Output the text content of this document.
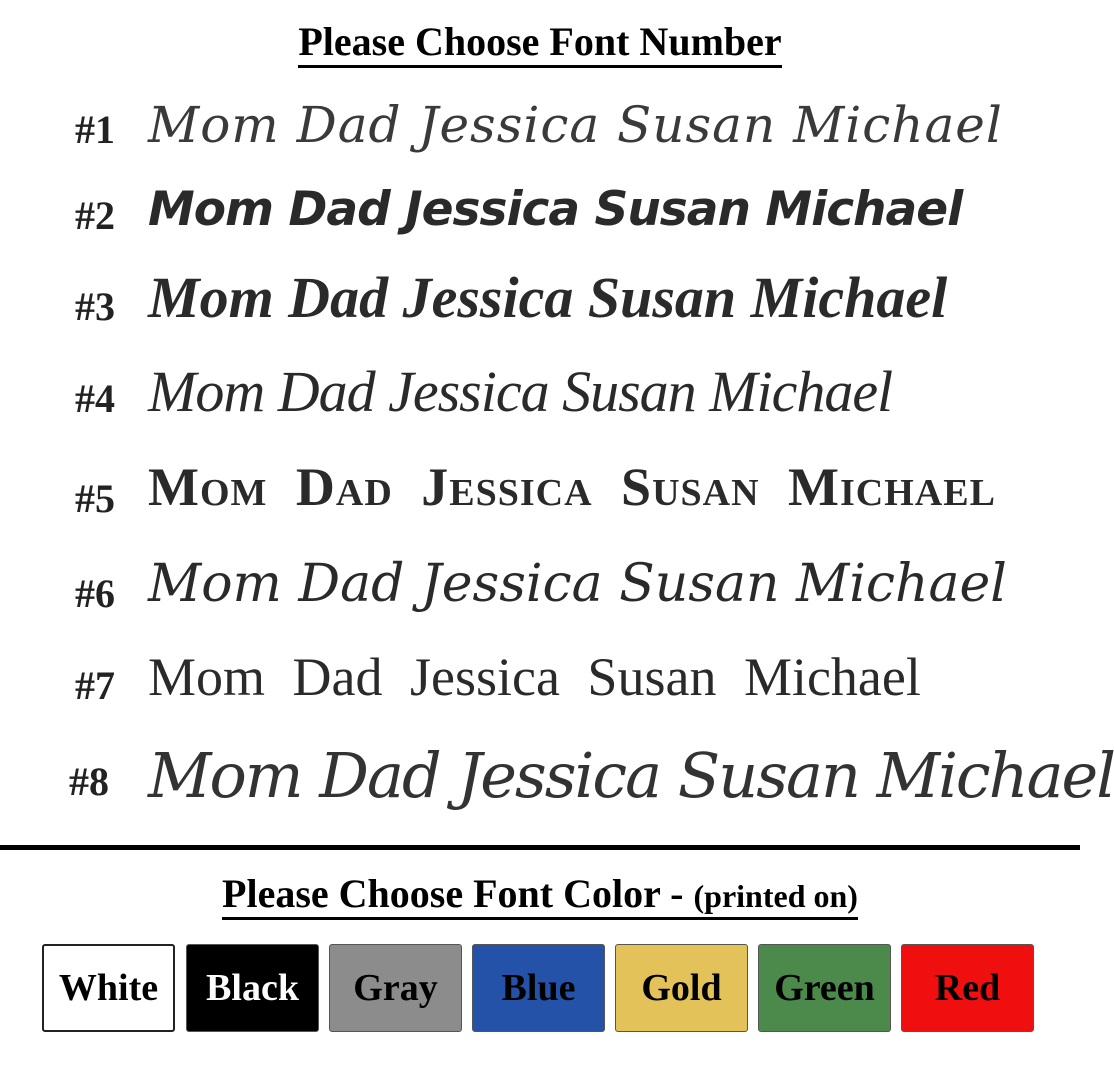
Please Choose Font Number
#1 Mom Dad Jessica Susan Michael
#2 Mom Dad Jessica Susan Michael
#3 Mom Dad Jessica Susan Michael
#4 Mom Dad Jessica Susan Michael
#5 Mom Dad Jessica Susan Michael
#6 Mom Dad Jessica Susan Michael
#7 Mom Dad Jessica Susan Michael
#8 Mom Dad Jessica Susan Michael
Please Choose Font Color - (printed on)
White	Black	Gray	Blue	Gold	Green	Red
